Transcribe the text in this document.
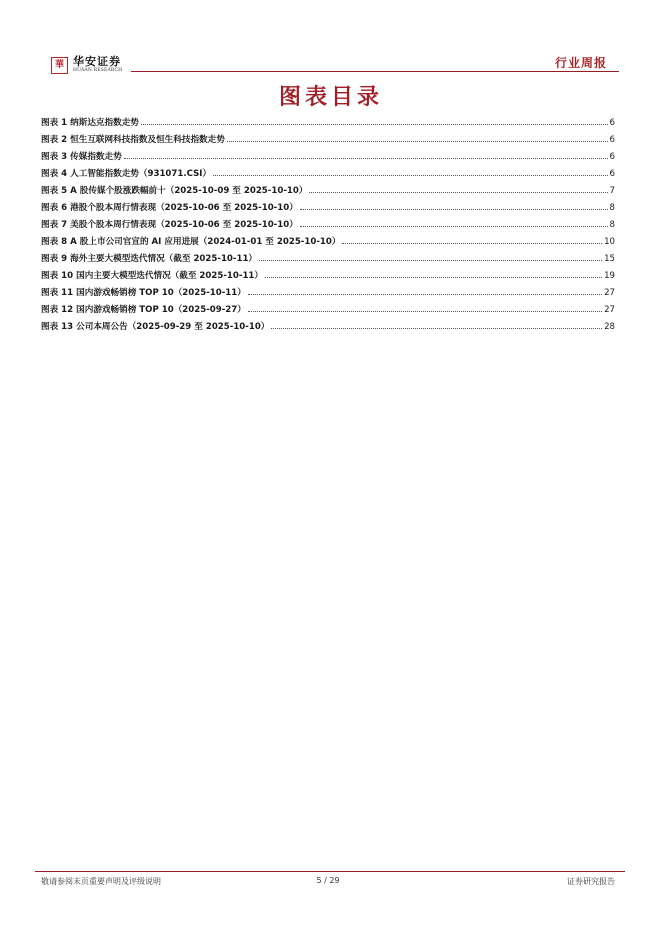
華 华安证券
HUAAN RESEARCH
行业周报
图表目录
图表 1 纳斯达克指数走势	6
图表 2 恒生互联网科技指数及恒生科技指数走势	6
图表 3 传媒指数走势	6
图表 4 人工智能指数走势（931071.CSI）	6
图表 5 A 股传媒个股涨跌幅前十（2025-10-09 至 2025-10-10）	7
图表 6 港股个股本周行情表现（2025-10-06 至 2025-10-10）	8
图表 7 美股个股本周行情表现（2025-10-06 至 2025-10-10）	8
图表 8 A 股上市公司官宣的 AI 应用进展（2024-01-01 至 2025-10-10）	10
图表 9 海外主要大模型迭代情况（截至 2025-10-11）	15
图表 10 国内主要大模型迭代情况（截至 2025-10-11）	19
图表 11 国内游戏畅销榜 TOP 10（2025-10-11）	27
图表 12 国内游戏畅销榜 TOP 10（2025-09-27）	27
图表 13 公司本周公告（2025-09-29 至 2025-10-10）	28
敬请参阅末页重要声明及评级说明	5 / 29	证券研究报告
